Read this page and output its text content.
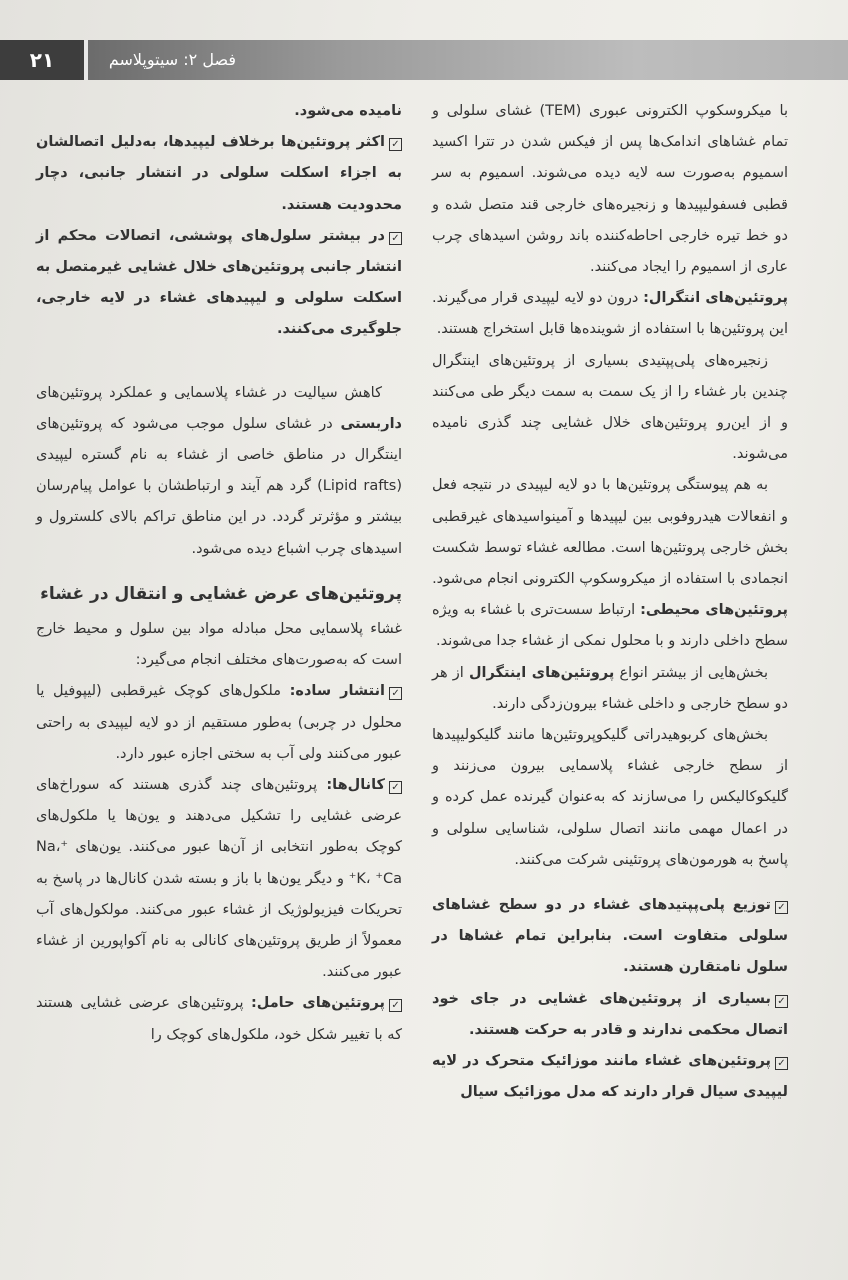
۲۱	فصل ۲: سیتوپلاسم

با میکروسکوپ الکترونی عبوری (TEM) غشای سلولی و تمام غشاهای اندامک‌ها پس از فیکس شدن در تترا اکسید اسمیوم به‌صورت سه لایه دیده می‌شوند. اسمیوم به سر قطبی فسفولیپیدها و زنجیره‌های خارجی قند متصل شده و دو خط تیره خارجی احاطه‌کننده باند روشن اسیدهای چرب عاری از اسمیوم را ایجاد می‌کنند.

پروتئین‌های انتگرال: درون دو لایه لیپیدی قرار می‌گیرند. این پروتئین‌ها با استفاده از شوینده‌ها قابل استخراج هستند.

زنجیره‌های پلی‌پپتیدی بسیاری از پروتئین‌های اینتگرال چندین بار غشاء را از یک سمت به سمت دیگر طی می‌کنند و از این‌رو پروتئین‌های خلال غشایی چند گذری نامیده می‌شوند.

به هم پیوستگی پروتئین‌ها با دو لایه لیپیدی در نتیجه فعل و انفعالات هیدروفوبی بین لیپیدها و آمینواسیدهای غیرقطبی بخش خارجی پروتئین‌ها است. مطالعه غشاء توسط شکست انجمادی با استفاده از میکروسکوپ الکترونی انجام می‌شود.

پروتئین‌های محیطی: ارتباط سست‌تری با غشاء به ویژه سطح داخلی دارند و با محلول نمکی از غشاء جدا می‌شوند.

بخش‌هایی از بیشتر انواع پروتئین‌های اینتگرال از هر دو سطح خارجی و داخلی غشاء بیرون‌زدگی دارند.

بخش‌های کربوهیدراتی گلیکوپروتئین‌ها مانند گلیکولیپیدها از سطح خارجی غشاء پلاسمایی بیرون می‌زنند و گلیکوکالیکس را می‌سازند که به‌عنوان گیرنده عمل کرده و در اعمال مهمی مانند اتصال سلولی، شناسایی سلولی و پاسخ به هورمون‌های پروتئینی شرکت می‌کنند.

✓توزیع پلی‌پپتیدهای غشاء در دو سطح غشاهای سلولی متفاوت است. بنابراین تمام غشاها در سلول نامتقارن هستند.

✓بسیاری از پروتئین‌های غشایی در جای خود اتصال محکمی ندارند و قادر به حرکت هستند.

✓پروتئین‌های غشاء مانند موزائیک متحرک در لایه لیپیدی سیال قرار دارند که مدل موزائیک سیال

نامیده می‌شود.

✓اکثر پروتئین‌ها برخلاف لیپیدها، به‌دلیل اتصالشان به اجزاء اسکلت سلولی در انتشار جانبی، دچار محدودیت هستند.

✓در بیشتر سلول‌های پوششی، اتصالات محکم از انتشار جانبی پروتئین‌های خلال غشایی غیرمتصل به اسکلت سلولی و لیپیدهای غشاء در لایه خارجی، جلوگیری می‌کنند.

کاهش سیالیت در غشاء پلاسمایی و عملکرد پروتئین‌های داربستی در غشای سلول موجب می‌شود که پروتئین‌های اینتگرال در مناطق خاصی از غشاء به نام گستره لیپیدی (Lipid rafts) گرد هم آیند و ارتباطشان با عوامل پیام‌رسان بیشتر و مؤثرتر گردد. در این مناطق تراکم بالای کلسترول و اسیدهای چرب اشباع دیده می‌شود.

پروتئین‌های عرض غشایی و انتقال در غشاء

غشاء پلاسمایی محل مبادله مواد بین سلول و محیط خارج است که به‌صورت‌های مختلف انجام می‌گیرد:

✓انتشار ساده: ملکول‌های کوچک غیرقطبی (لیپوفیل یا محلول در چربی) به‌طور مستقیم از دو لایه لیپیدی به راحتی عبور می‌کنند ولی آب به سختی اجازه عبور دارد.

✓کانال‌ها: پروتئین‌های چند گذری هستند که سوراخ‌های عرضی غشایی را تشکیل می‌دهند و یون‌ها یا ملکول‌های کوچک به‌طور انتخابی از آن‌ها عبور می‌کنند. یون‌های ⁺Na، ⁺K، ⁺Ca و دیگر یون‌ها با باز و بسته شدن کانال‌ها در پاسخ به تحریکات فیزیولوژیک از غشاء عبور می‌کنند. مولکول‌های آب معمولاً از طریق پروتئین‌های کانالی به نام آکواپورین از غشاء عبور می‌کنند.

✓پروتئین‌های حامل: پروتئین‌های عرضی غشایی هستند که با تغییر شکل خود، ملکول‌های کوچک را
